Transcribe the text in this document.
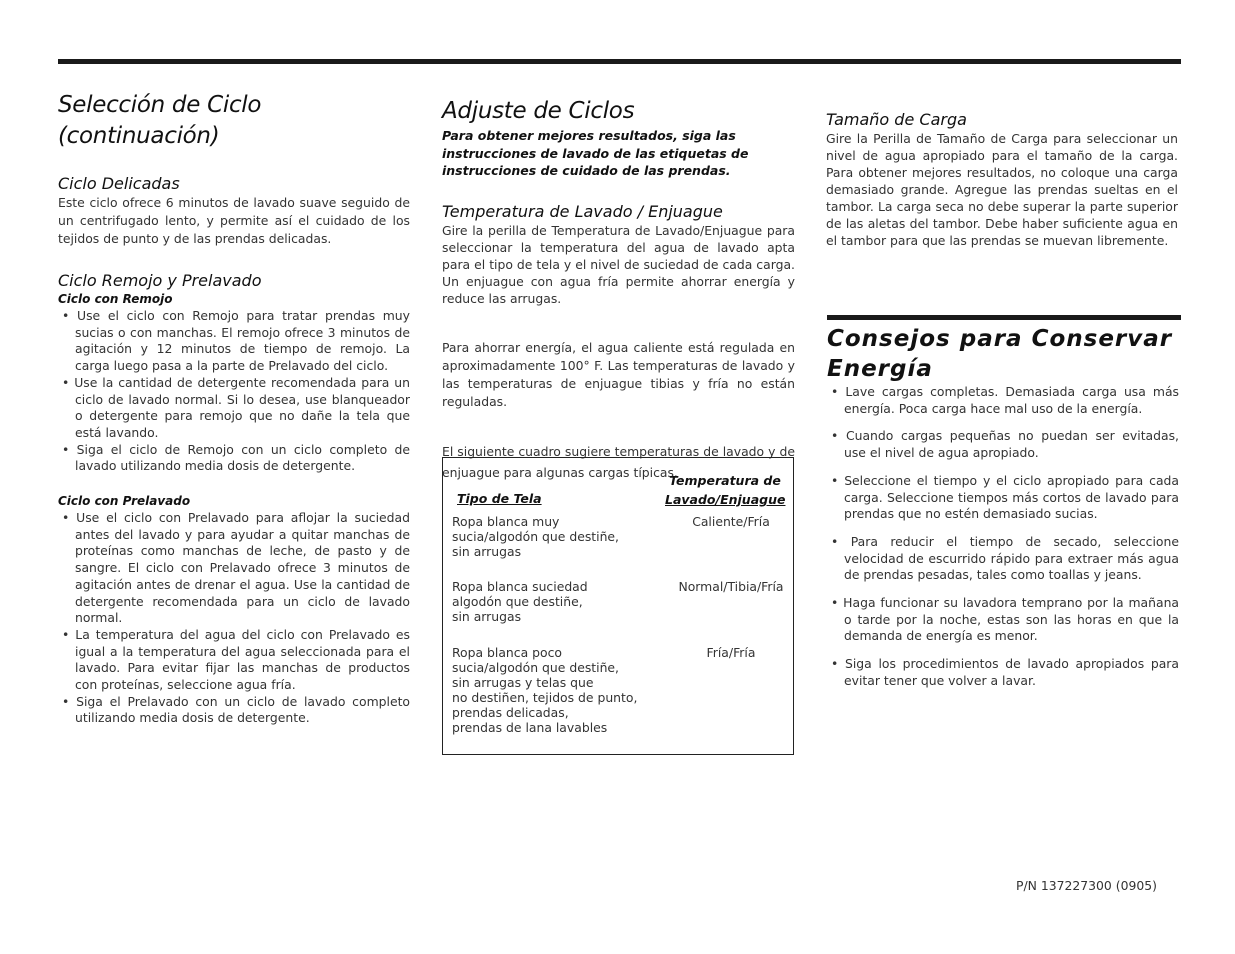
Selección de Ciclo
(continuación)
Ciclo Delicadas

Este ciclo ofrece 6 minutos de lavado suave seguido de un centrifugado lento, y permite así el cuidado de los tejidos de punto y de las prendas delicadas.

Ciclo Remojo y Prelavado

Ciclo con Remojo

• Use el ciclo con Remojo para tratar prendas muy sucias o con manchas. El remojo ofrece 3 minutos de agitación y 12 minutos de tiempo de remojo. La carga luego pasa a la parte de Prelavado del ciclo.
• Use la cantidad de detergente recomendada para un ciclo de lavado normal. Si lo desea, use blanqueador o detergente para remojo que no dañe la tela que está lavando.
• Siga el ciclo de Remojo con un ciclo completo de lavado utilizando media dosis de detergente.

Ciclo con Prelavado

• Use el ciclo con Prelavado para aflojar la suciedad antes del lavado y para ayudar a quitar manchas de proteínas como manchas de leche, de pasto y de sangre. El ciclo con Prelavado ofrece 3 minutos de agitación antes de drenar el agua. Use la cantidad de detergente recomendada para un ciclo de lavado normal.
• La temperatura del agua del ciclo con Prelavado es igual a la temperatura del agua seleccionada para el lavado. Para evitar fijar las manchas de productos con proteínas, seleccione agua fría.
• Siga el Prelavado con un ciclo de lavado completo utilizando media dosis de detergente.
Adjuste de Ciclos

Para obtener mejores resultados, siga las instrucciones de lavado de las etiquetas de instrucciones de cuidado de las prendas.

Temperatura de Lavado / Enjuague

Gire la perilla de Temperatura de Lavado/Enjuague para seleccionar la temperatura del agua de lavado apta para el tipo de tela y el nivel de suciedad de cada carga. Un enjuague con agua fría permite ahorrar energía y reduce las arrugas.

Para ahorrar energía, el agua caliente está regulada en aproximadamente 100° F. Las temperaturas de lavado y las temperaturas de enjuague tibias y fría no están reguladas.

El siguiente cuadro sugiere temperaturas de lavado y de enjuague para algunas cargas típicas.

Tipo de Tela
Temperatura de
Lavado/Enjuague
Ropa blanca muy
sucia/algodón que destiñe,
sin arrugas
Caliente/Fría
Ropa blanca suciedad
algodón que destiñe,
sin arrugas
Normal/Tibia/Fría
Ropa blanca poco
sucia/algodón que destiñe,
sin arrugas y telas que
no destiñen, tejidos de punto,
prendas delicadas,
prendas de lana lavables
Fría/Fría
Tamaño de Carga

Gire la Perilla de Tamaño de Carga para seleccionar un nivel de agua apropiado para el tamaño de la carga. Para obtener mejores resultados, no coloque una carga demasiado grande. Agregue las prendas sueltas en el tambor. La carga seca no debe superar la parte superior de las aletas del tambor. Debe haber suficiente agua en el tambor para que las prendas se muevan libremente.

Consejos para Conservar
Energía
• Lave cargas completas. Demasiada carga usa más energía. Poca carga hace mal uso de la energía.
• Cuando cargas pequeñas no puedan ser evitadas, use el nivel de agua apropiado.
• Seleccione el tiempo y el ciclo apropiado para cada carga. Seleccione tiempos más cortos de lavado para prendas que no estén demasiado sucias.
• Para reducir el tiempo de secado, seleccione velocidad de escurrido rápido para extraer más agua de prendas pesadas, tales como toallas y jeans.
• Haga funcionar su lavadora temprano por la mañana o tarde por la noche, estas son las horas en que la demanda de energía es menor.
• Siga los procedimientos de lavado apropiados para evitar tener que volver a lavar.
P/N 137227300 (0905)
